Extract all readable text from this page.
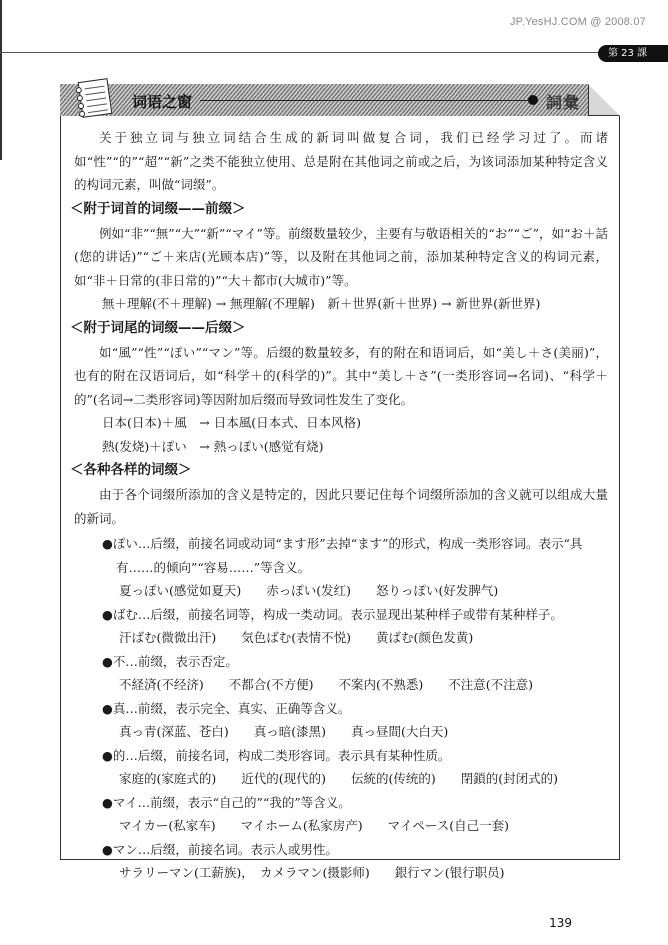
JP.YesHJ.COM @ 2008.07
第 23 課
词语之窗	詞彙
关于独立词与独立词结合生成的新词叫做复合词，我们已经学习过了。而诸如“性”“的”“超”“新”之类不能独立使用、总是附在其他词之前或之后，为该词添加某种特定含义的构词元素，叫做“词缀”。
＜附于词首的词缀——前缀＞
例如“非”“無”“大”“新”“マイ”等。前缀数量较少，主要有与敬语相关的“お”“ご”，如“お＋話(您的讲话)”“ご＋来店(光顾本店)”等，以及附在其他词之前，添加某种特定含义的构词元素，如“非＋日常的(非日常的)”“大＋都市(大城市)”等。
無＋理解(不＋理解) → 無理解(不理解)　新＋世界(新＋世界) → 新世界(新世界)
＜附于词尾的词缀——后缀＞
如“風”“性”“ぽい”“マン”等。后缀的数量较多，有的附在和语词后，如“美し＋さ(美丽)”，也有的附在汉语词后，如“科学＋的(科学的)”。其中“美し＋さ”(一类形容词→名词)、“科学＋的”(名词→二类形容词)等因附加后缀而导致词性发生了变化。
日本(日本)＋風　→ 日本風(日本式、日本风格)
熱(发烧)＋ぽい　→ 熱っぽい(感觉有烧)
＜各种各样的词缀＞
由于各个词缀所添加的含义是特定的，因此只要记住每个词缀所添加的含义就可以组成大量的新词。
●ぽい…后缀，前接名词或动词“ます形”去掉“ます”的形式，构成一类形容词。表示“具有……的倾向”“容易……”等含义。
夏っぽい(感觉如夏天)　　赤っぽい(发红)　　怒りっぽい(好发脾气)
●ばむ…后缀，前接名词等，构成一类动词。表示显现出某种样子或带有某种样子。
汗ばむ(微微出汗)　　気色ばむ(表情不悦)　　黄ばむ(颜色发黄)
●不…前缀，表示否定。
不経済(不经济)　　不都合(不方便)　　不案内(不熟悉)　　不注意(不注意)
●真…前缀，表示完全、真实、正确等含义。
真っ青(深蓝、苍白)　　真っ暗(漆黑)　　真っ昼間(大白天)
●的…后缀，前接名词，构成二类形容词。表示具有某种性质。
家庭的(家庭式的)　　近代的(现代的)　　伝統的(传统的)　　閉鎖的(封闭式的)
●マイ…前缀，表示“自己的”“我的”等含义。
マイカー(私家车)　　マイホーム(私家房产)　　マイペース(自己一套)
●マン…后缀，前接名词。表示人或男性。
サラリーマン(工薪族)，　カメラマン(摄影师)　　銀行マン(银行职员)
139
